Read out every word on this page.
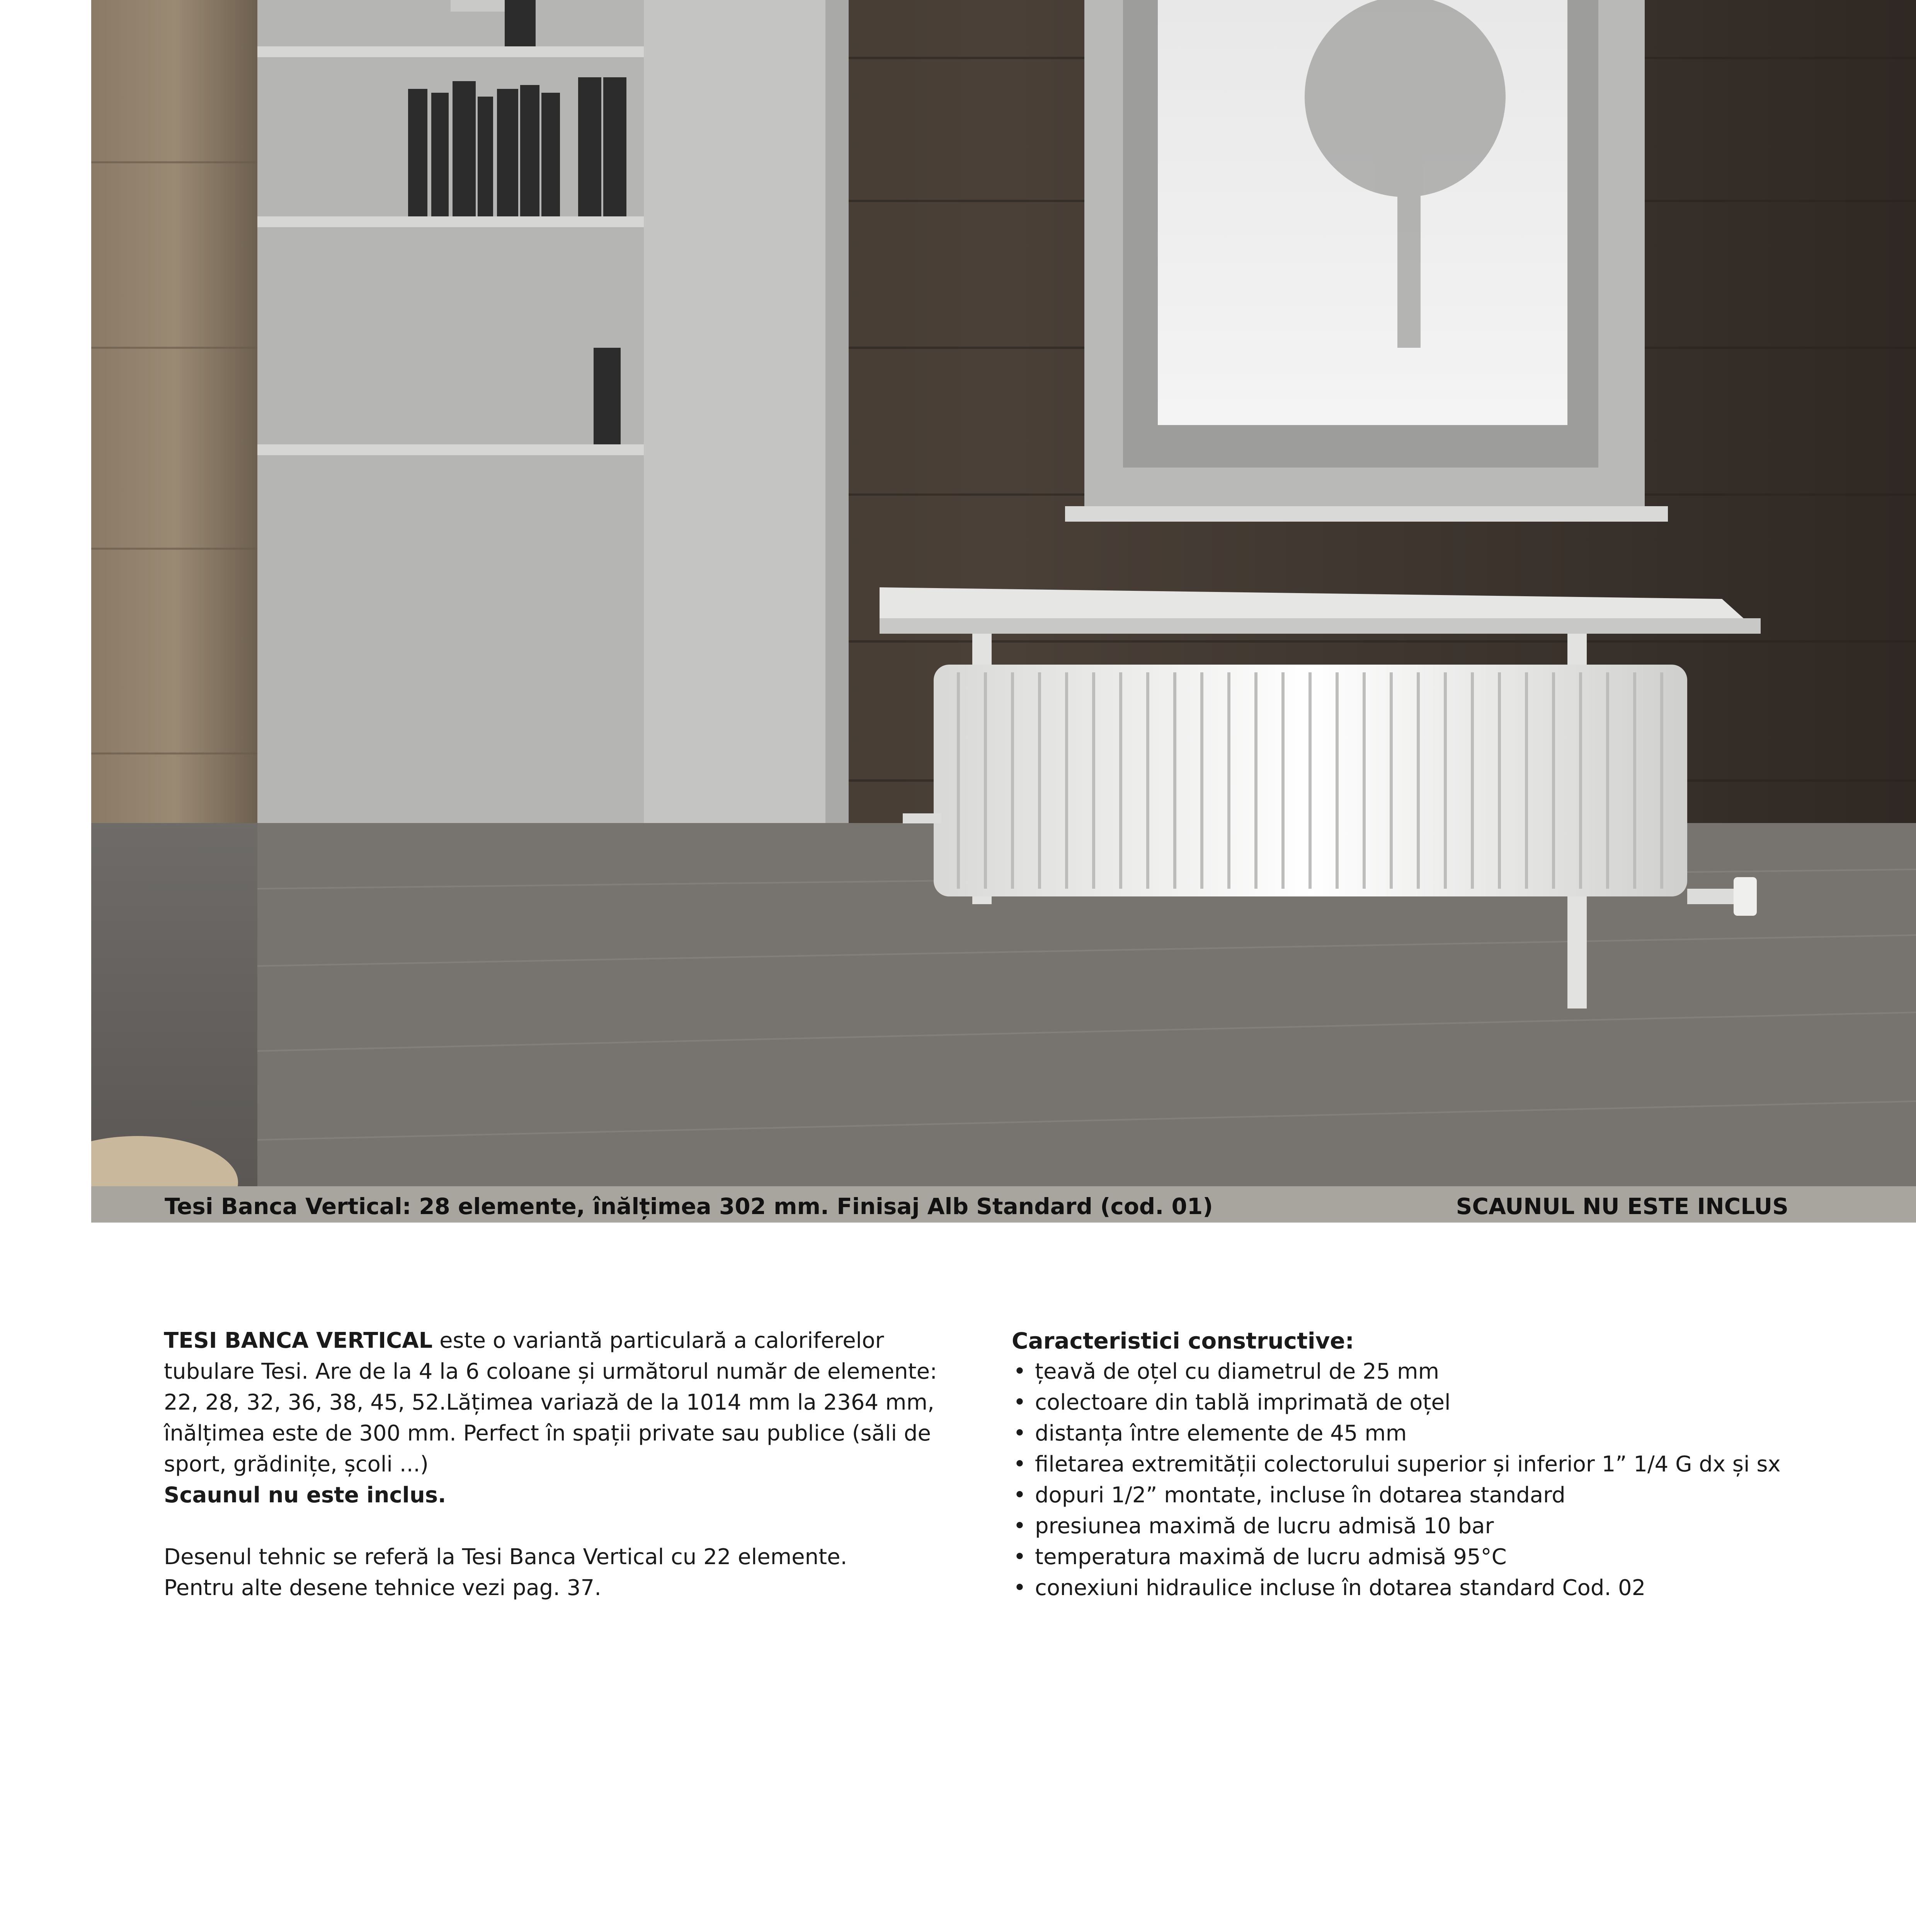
Tesi Banca Vertical: 28 elemente, înălțimea 302 mm. Finisaj Alb Standard (cod. 01)	SCAUNUL NU ESTE INCLUS

TESI BANCA VERTICAL este o variantă particulară a caloriferelor tubulare Tesi. Are de la 4 la 6 coloane și următorul număr de elemente: 22, 28, 32, 36, 38, 45, 52.Lățimea variază de la 1014 mm la 2364 mm, înălțimea este de 300 mm. Perfect în spații private sau publice (săli de sport, grădinițe, școli ...)

Scaunul nu este inclus.

Desenul tehnic se referă la Tesi Banca Vertical cu 22 elemente.

Pentru alte desene tehnice vezi pag. 37.

Caracteristici constructive:
• țeavă de oțel cu diametrul de 25 mm
• colectoare din tablă imprimată de oțel
• distanța între elemente de 45 mm
• filetarea extremității colectorului superior și inferior 1” 1/4 G dx și sx
• dopuri 1/2” montate, incluse în dotarea standard
• presiunea maximă de lucru admisă 10 bar
• temperatura maximă de lucru admisă 95°C
• conexiuni hidraulice incluse în dotarea standard Cod. 02
